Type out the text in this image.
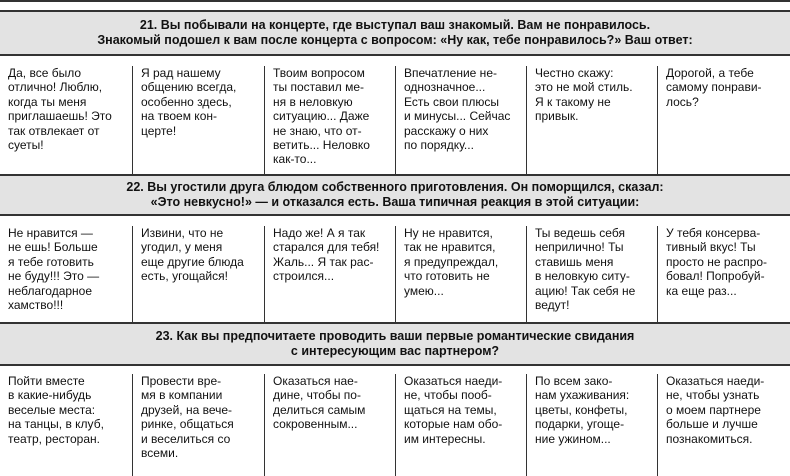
21. Вы побывали на концерте, где выступал ваш знакомый. Вам не понравилось.
Знакомый подошел к вам после концерта с вопросом: «Ну как, тебе понравилось?» Ваш ответ:
Да, все было
отлично! Люблю,
когда ты меня
приглашаешь! Это
так отвлекает от
суеты!
Я рад нашему
общению всегда,
особенно здесь,
на твоем кон-
церте!
Твоим вопросом
ты поставил ме-
ня в неловкую
ситуацию... Даже
не знаю, что от-
ветить... Неловко
как-то...
Впечатление не-
однозначное...
Есть свои плюсы
и минусы... Сейчас
расскажу о них
по порядку...
Честно скажу:
это не мой стиль.
Я к такому не
привык.
Дорогой, а тебе
самому понрави-
лось?
22. Вы угостили друга блюдом собственного приготовления. Он поморщился, сказал:
«Это невкусно!» — и отказался есть. Ваша типичная реакция в этой ситуации:
Не нравится —
не ешь! Больше
я тебе готовить
не буду!!! Это —
неблагодарное
хамство!!!
Извини, что не
угодил, у меня
еще другие блюда
есть, угощайся!
Надо же! А я так
старался для тебя!
Жаль... Я так рас-
строился...
Ну не нравится,
так не нравится,
я предупреждал,
что готовить не
умею...
Ты ведешь себя
неприлично! Ты
ставишь меня
в неловкую ситу-
ацию! Так себя не
ведут!
У тебя консерва-
тивный вкус! Ты
просто не распро-
бовал! Попробуй-
ка еще раз...
23. Как вы предпочитаете проводить ваши первые романтические свидания
с интересующим вас партнером?
Пойти вместе
в какие-нибудь
веселые места:
на танцы, в клуб,
театр, ресторан.
Провести вре-
мя в компании
друзей, на вече-
ринке, общаться
и веселиться со
всеми.
Оказаться нае-
дине, чтобы по-
делиться самым
сокровенным...
Оказаться наеди-
не, чтобы пооб-
щаться на темы,
которые нам обо-
им интересны.
По всем зако-
нам ухаживания:
цветы, конфеты,
подарки, угоще-
ние ужином...
Оказаться наеди-
не, чтобы узнать
о моем партнере
больше и лучше
познакомиться.
